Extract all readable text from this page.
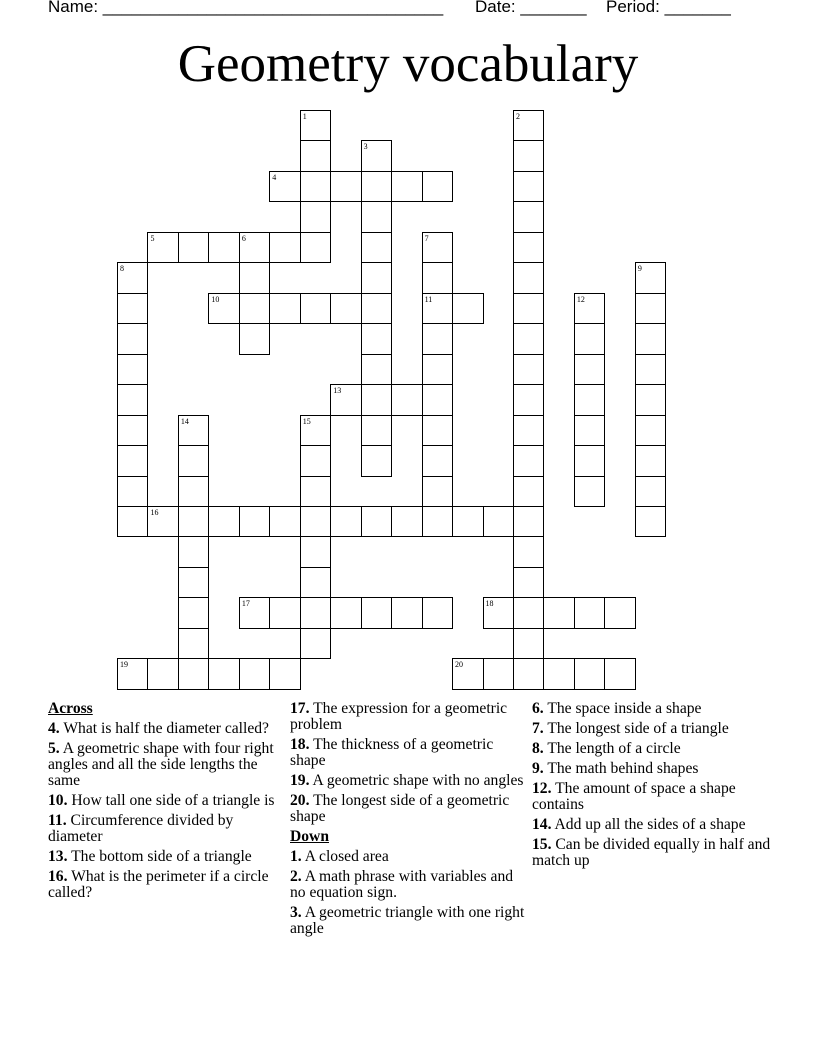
Name: ____________________________________ Date: _______ Period: _______
Geometry vocabulary
4
5	6
10	11
13
16
17	18
19	20
1	2
3
7
8	9
12
14	15
Across
4. What is half the diameter called?
5. A geometric shape with four right angles and all the side lengths the same
10. How tall one side of a triangle is
11. Circumference divided by diameter
13. The bottom side of a triangle
16. What is the perimeter if a circle called?
17. The expression for a geometric problem
18. The thickness of a geometric shape
19. A geometric shape with no angles
20. The longest side of a geometric shape
Down
1. A closed area
2. A math phrase with variables and no equation sign.
3. A geometric triangle with one right angle
6. The space inside a shape
7. The longest side of a triangle
8. The length of a circle
9. The math behind shapes
12. The amount of space a shape contains
14. Add up all the sides of a shape
15. Can be divided equally in half and match up
